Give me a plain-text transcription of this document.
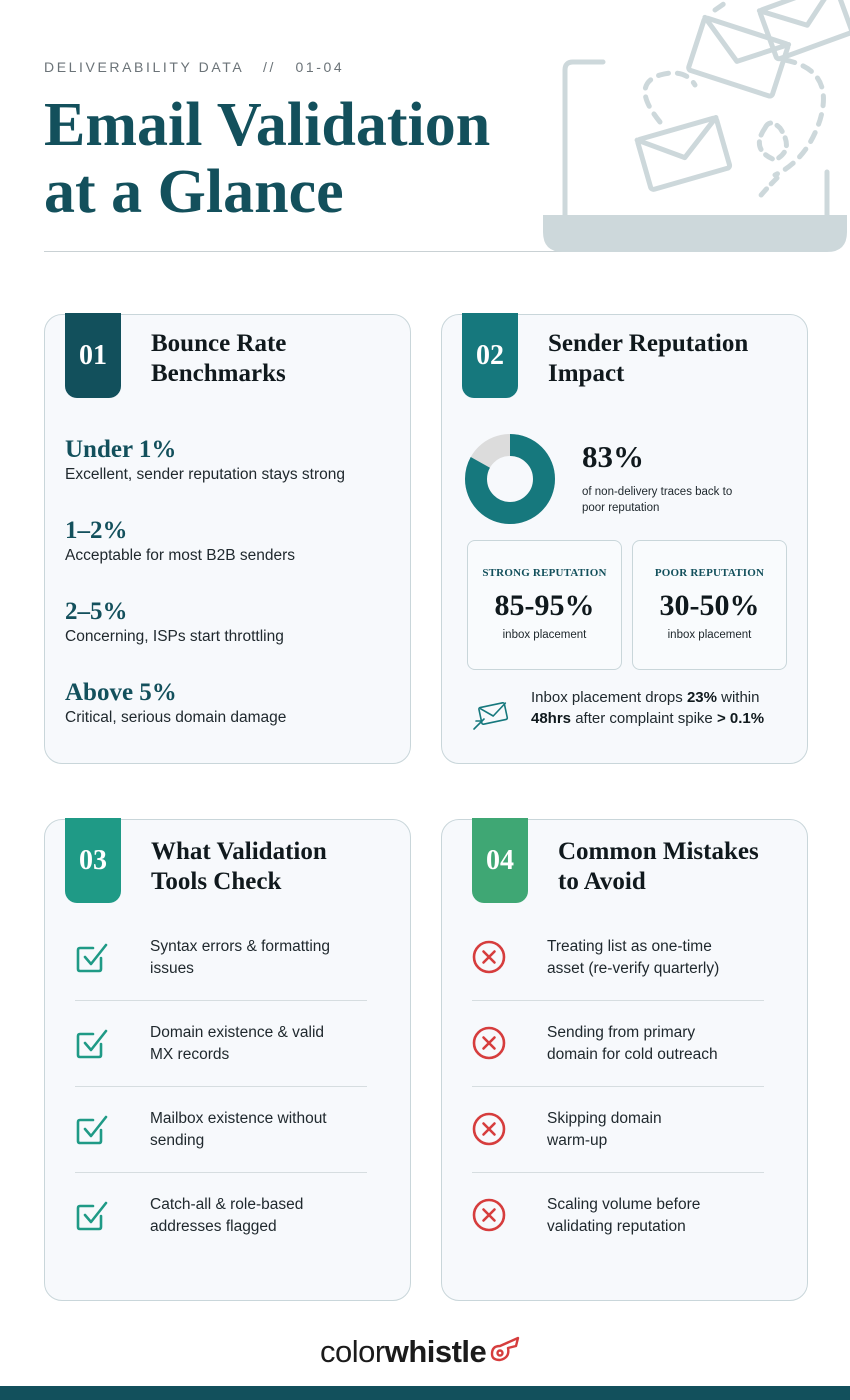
DELIVERABILITY DATA   //   01-04
Email Validation
at a Glance
01	Bounce Rate
Benchmarks
Under 1%
Excellent, sender reputation stays strong
1–2%
Acceptable for most B2B senders
2–5%
Concerning, ISPs start throttling
Above 5%
Critical, serious domain damage
02	Sender Reputation
Impact
83%
of non-delivery traces back to
poor reputation
STRONG REPUTATION
85-95%
inbox placement
POOR REPUTATION
30-50%
inbox placement
Inbox placement drops 23% within 48hrs after complaint spike > 0.1%
03	What Validation
Tools Check
Syntax errors & formatting
issues
Domain existence & valid
MX records
Mailbox existence without
sending
Catch-all & role-based
addresses flagged
04	Common Mistakes
to Avoid
Treating list as one-time
asset (re-verify quarterly)
Sending from primary
domain for cold outreach
Skipping domain
warm-up
Scaling volume before
validating reputation
color whistle
